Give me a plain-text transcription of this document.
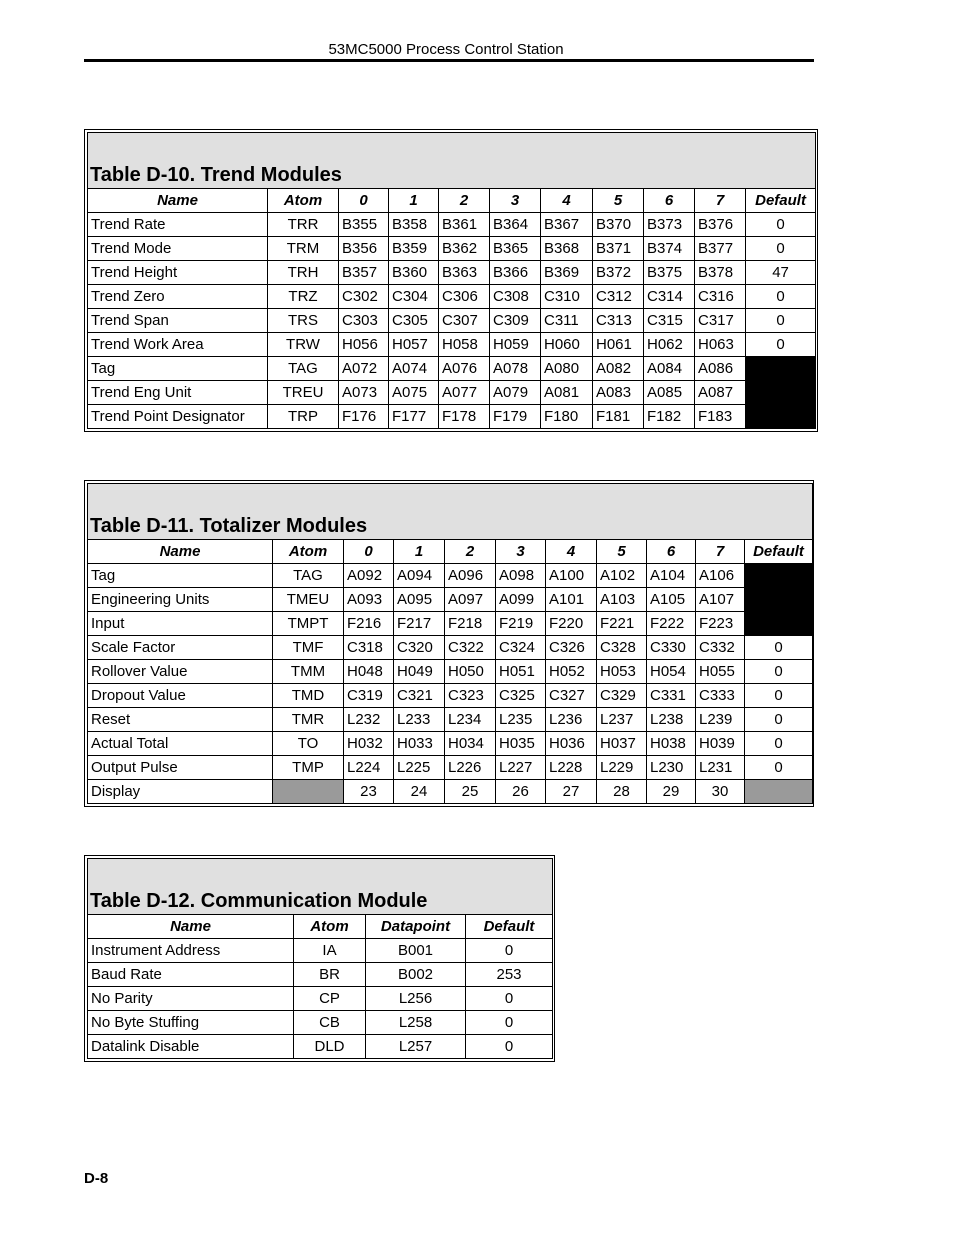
53MC5000 Process Control Station
Table D-10. Trend Modules										
Name	Atom	0	1	2	3	4	5	6	7	Default
Trend Rate	TRR	B355	B358	B361	B364	B367	B370	B373	B376	0
Trend Mode	TRM	B356	B359	B362	B365	B368	B371	B374	B377	0
Trend Height	TRH	B357	B360	B363	B366	B369	B372	B375	B378	47
Trend Zero	TRZ	C302	C304	C306	C308	C310	C312	C314	C316	0
Trend Span	TRS	C303	C305	C307	C309	C311	C313	C315	C317	0
Trend Work Area	TRW	H056	H057	H058	H059	H060	H061	H062	H063	0
Tag	TAG	A072	A074	A076	A078	A080	A082	A084	A086	
Trend Eng Unit	TREU	A073	A075	A077	A079	A081	A083	A085	A087	
Trend Point Designator	TRP	F176	F177	F178	F179	F180	F181	F182	F183	
Table D-11. Totalizer Modules										
Name	Atom	0	1	2	3	4	5	6	7	Default
Tag	TAG	A092	A094	A096	A098	A100	A102	A104	A106	
Engineering Units	TMEU	A093	A095	A097	A099	A101	A103	A105	A107	
Input	TMPT	F216	F217	F218	F219	F220	F221	F222	F223	
Scale Factor	TMF	C318	C320	C322	C324	C326	C328	C330	C332	0
Rollover Value	TMM	H048	H049	H050	H051	H052	H053	H054	H055	0
Dropout Value	TMD	C319	C321	C323	C325	C327	C329	C331	C333	0
Reset	TMR	L232	L233	L234	L235	L236	L237	L238	L239	0
Actual Total	TO	H032	H033	H034	H035	H036	H037	H038	H039	0
Output Pulse	TMP	L224	L225	L226	L227	L228	L229	L230	L231	0
Display		23	24	25	26	27	28	29	30	
Table D-12. Communication Module			
Name	Atom	Datapoint	Default
Instrument Address	IA	B001	0
Baud Rate	BR	B002	253
No Parity	CP	L256	0
No Byte Stuffing	CB	L258	0
Datalink Disable	DLD	L257	0
D-8
